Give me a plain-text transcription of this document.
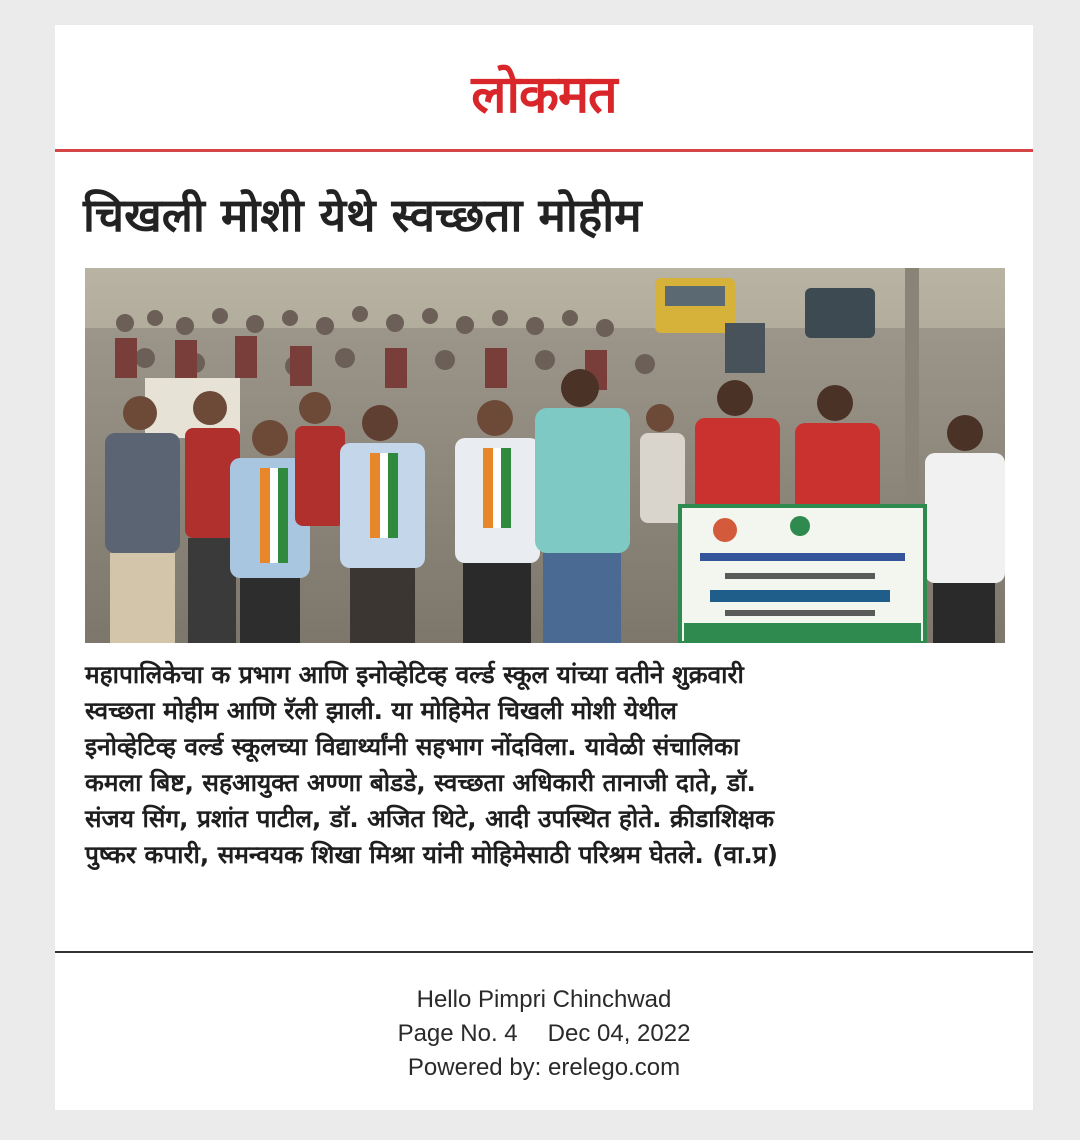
लोकमत
चिखली मोशी येथे स्वच्छता मोहीम
महापालिकेचा क प्रभाग आणि इनोव्हेटिव्ह वर्ल्ड स्कूल यांच्या वतीने शुक्रवारी
स्वच्छता मोहीम आणि रॅली झाली. या मोहिमेत चिखली मोशी येथील
इनोव्हेटिव्ह वर्ल्ड स्कूलच्या विद्यार्थ्यांनी सहभाग नोंदविला. यावेळी संचालिका
कमला बिष्ट, सहआयुक्त अण्णा बोडडे, स्वच्छता अधिकारी तानाजी दाते, डॉ.
संजय सिंग, प्रशांत पाटील, डॉ. अजित थिटे, आदी उपस्थित होते. क्रीडाशिक्षक
पुष्कर कपारी, समन्वयक शिखा मिश्रा यांनी मोहिमेसाठी परिश्रम घेतले. (वा.प्र)
Hello Pimpri Chinchwad
Page No. 4 Dec 04, 2022
Powered by: erelego.com
